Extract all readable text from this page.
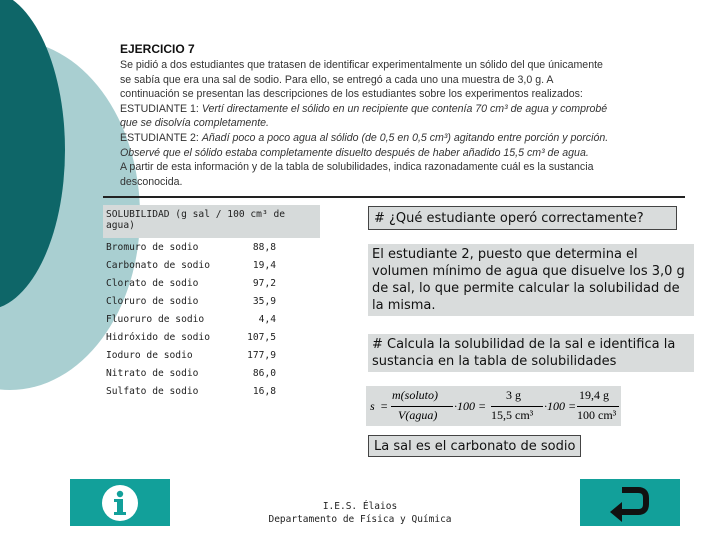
EJERCICIO 7
Se pidió a dos estudiantes que tratasen de identificar experimentalmente un sólido del que únicamente
se sabía que era una sal de sodio. Para ello, se entregó a cada uno una muestra de 3,0 g. A
continuación se presentan las descripciones de los estudiantes sobre los experimentos realizados:
ESTUDIANTE 1: Vertí directamente el sólido en un recipiente que contenía 70 cm³ de agua y comprobé
que se disolvía completamente.
ESTUDIANTE 2: Añadí poco a poco agua al sólido (de 0,5 en 0,5 cm³) agitando entre porción y porción.
Observé que el sólido estaba completamente disuelto después de haber añadido 15,5 cm³ de agua.
A partir de esta información y de la tabla de solubilidades, indica razonadamente cuál es la sustancia
desconocida.
SOLUBILIDAD (g sal / 100 cm³ de agua)
Bromuro de sodio	88,8
Carbonato de sodio	19,4
Clorato de sodio	97,2
Cloruro de sodio	35,9
Fluoruro de sodio	4,4
Hidróxido de sodio	107,5
Ioduro de sodio	177,9
Nitrato de sodio	86,0
Sulfato de sodio	16,8
# ¿Qué estudiante operó correctamente?
El estudiante 2, puesto que determina el volumen mínimo de agua que disuelve los 3,0 g de sal, lo que permite calcular la solubilidad de la misma.
# Calcula la solubilidad de la sal e identifica la sustancia en la tabla de solubilidades
s =
m(soluto)
V(agua)
·100 =
3 g
15,5 cm³
·100 =
19,4 g
100 cm³
La sal es el carbonato de sodio
I.E.S. Élaios
Departamento de Física y Química
